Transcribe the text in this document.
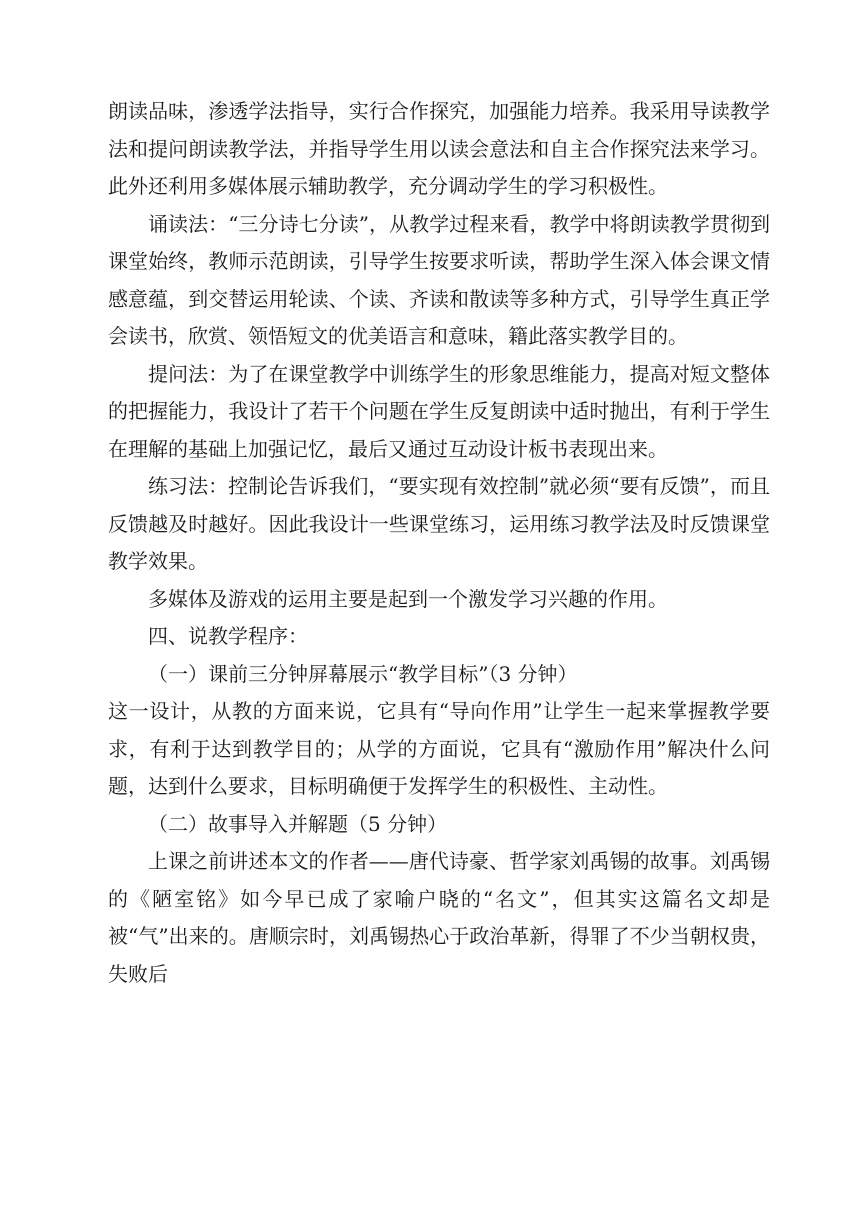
朗读品味，渗透学法指导，实行合作探究，加强能力培养。我采用导读教学法和提问朗读教学法，并指导学生用以读会意法和自主合作探究法来学习。此外还利用多媒体展示辅助教学，充分调动学生的学习积极性。

诵读法：“三分诗七分读”，从教学过程来看，教学中将朗读教学贯彻到课堂始终，教师示范朗读，引导学生按要求听读，帮助学生深入体会课文情感意蕴，到交替运用轮读、个读、齐读和散读等多种方式，引导学生真正学会读书，欣赏、领悟短文的优美语言和意味，籍此落实教学目的。

提问法：为了在课堂教学中训练学生的形象思维能力，提高对短文整体的把握能力，我设计了若干个问题在学生反复朗读中适时抛出，有利于学生在理解的基础上加强记忆，最后又通过互动设计板书表现出来。

练习法：控制论告诉我们，“要实现有效控制”就必须“要有反馈”，而且反馈越及时越好。因此我设计一些课堂练习，运用练习教学法及时反馈课堂教学效果。

多媒体及游戏的运用主要是起到一个激发学习兴趣的作用。

四、说教学程序：

（一）课前三分钟屏幕展示“教学目标”（3 分钟）

这一设计，从教的方面来说，它具有“导向作用”让学生一起来掌握教学要求，有利于达到教学目的；从学的方面说，它具有“激励作用”解决什么问题，达到什么要求，目标明确便于发挥学生的积极性、主动性。

（二）故事导入并解题（5 分钟）

上课之前讲述本文的作者——唐代诗豪、哲学家刘禹锡的故事。刘禹锡的《陋室铭》如今早已成了家喻户晓的“名文”，但其实这篇名文却是被“气”出来的。唐顺宗时，刘禹锡热心于政治革新，得罪了不少当朝权贵，失败后
